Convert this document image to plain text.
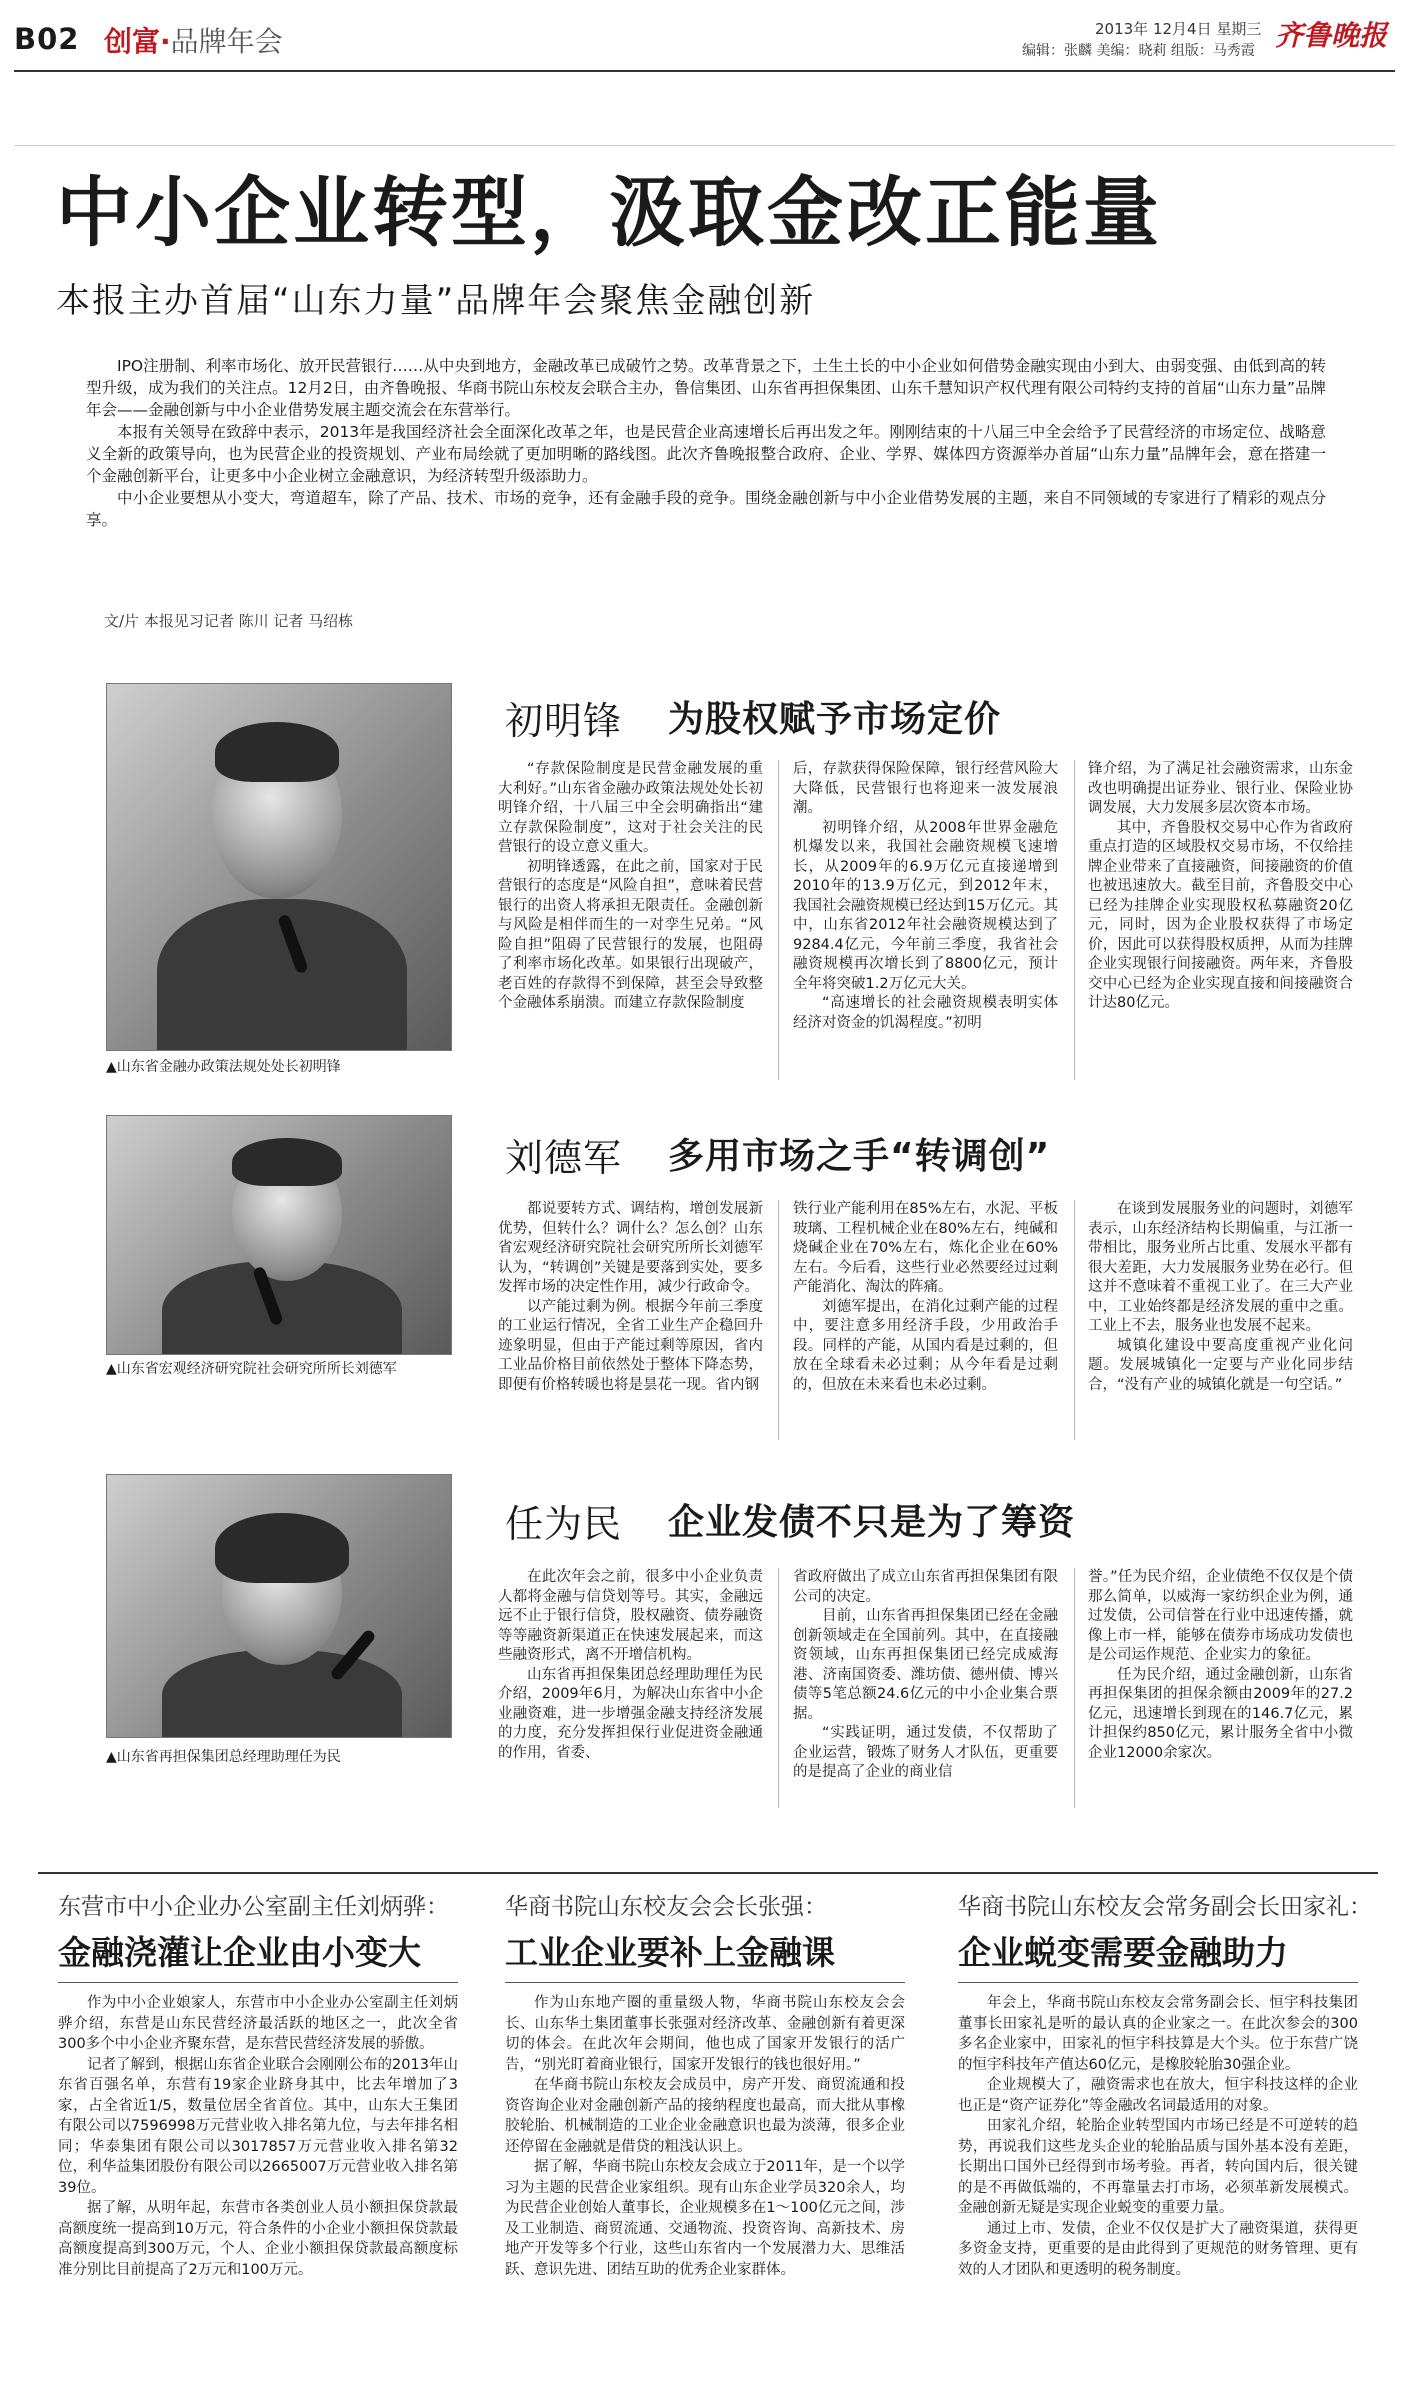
B02 创富·品牌年会	2013年 12月4日 星期三
编辑：张麟 美编：晓莉 组版：马秀霞 齐鲁晚报
中小企业转型，汲取金改正能量
本报主办首届“山东力量”品牌年会聚焦金融创新

IPO注册制、利率市场化、放开民营银行……从中央到地方，金融改革已成破竹之势。改革背景之下，土生土长的中小企业如何借势金融实现由小到大、由弱变强、由低到高的转型升级，成为我们的关注点。12月2日，由齐鲁晚报、华商书院山东校友会联合主办，鲁信集团、山东省再担保集团、山东千慧知识产权代理有限公司特约支持的首届“山东力量”品牌年会——金融创新与中小企业借势发展主题交流会在东营举行。

本报有关领导在致辞中表示，2013年是我国经济社会全面深化改革之年，也是民营企业高速增长后再出发之年。刚刚结束的十八届三中全会给予了民营经济的市场定位、战略意义全新的政策导向，也为民营企业的投资规划、产业布局绘就了更加明晰的路线图。此次齐鲁晚报整合政府、企业、学界、媒体四方资源举办首届“山东力量”品牌年会，意在搭建一个金融创新平台，让更多中小企业树立金融意识，为经济转型升级添助力。

中小企业要想从小变大，弯道超车，除了产品、技术、市场的竞争，还有金融手段的竞争。围绕金融创新与中小企业借势发展的主题，来自不同领域的专家进行了精彩的观点分享。

文/片 本报见习记者 陈川 记者 马绍栋
▲山东省金融办政策法规处处长初明锋
初明锋 为股权赋予市场定价

“存款保险制度是民营金融发展的重大利好。”山东省金融办政策法规处处长初明锋介绍，十八届三中全会明确指出“建立存款保险制度”，这对于社会关注的民营银行的设立意义重大。

初明锋透露，在此之前，国家对于民营银行的态度是“风险自担”，意味着民营银行的出资人将承担无限责任。金融创新与风险是相伴而生的一对孪生兄弟。“风险自担”阻碍了民营银行的发展，也阻碍了利率市场化改革。如果银行出现破产，老百姓的存款得不到保障，甚至会导致整个金融体系崩溃。而建立存款保险制度

后，存款获得保险保障，银行经营风险大大降低，民营银行也将迎来一波发展浪潮。

初明锋介绍，从2008年世界金融危机爆发以来，我国社会融资规模飞速增长，从2009年的6.9万亿元直接递增到2010年的13.9万亿元，到2012年末，我国社会融资规模已经达到15万亿元。其中，山东省2012年社会融资规模达到了9284.4亿元，今年前三季度，我省社会融资规模再次增长到了8800亿元，预计全年将突破1.2万亿元大关。

“高速增长的社会融资规模表明实体经济对资金的饥渴程度。”初明

锋介绍，为了满足社会融资需求，山东金改也明确提出证券业、银行业、保险业协调发展，大力发展多层次资本市场。

其中，齐鲁股权交易中心作为省政府重点打造的区域股权交易市场，不仅给挂牌企业带来了直接融资，间接融资的价值也被迅速放大。截至目前，齐鲁股交中心已经为挂牌企业实现股权私募融资20亿元，同时，因为企业股权获得了市场定价，因此可以获得股权质押，从而为挂牌企业实现银行间接融资。两年来，齐鲁股交中心已经为企业实现直接和间接融资合计达80亿元。

▲山东省宏观经济研究院社会研究所所长刘德军
刘德军 多用市场之手“转调创”

都说要转方式、调结构，增创发展新优势，但转什么？调什么？怎么创？山东省宏观经济研究院社会研究所所长刘德军认为，“转调创”关键是要落到实处，要多发挥市场的决定性作用，减少行政命令。

以产能过剩为例。根据今年前三季度的工业运行情况，全省工业生产企稳回升迹象明显，但由于产能过剩等原因，省内工业品价格目前依然处于整体下降态势，即便有价格转暖也将是昙花一现。省内钢

铁行业产能利用在85%左右，水泥、平板玻璃、工程机械企业在80%左右，纯碱和烧碱企业在70%左右，炼化企业在60%左右。今后看，这些行业必然要经过过剩产能消化、淘汰的阵痛。

刘德军提出，在消化过剩产能的过程中，要注意多用经济手段，少用政治手段。同样的产能，从国内看是过剩的，但放在全球看未必过剩；从今年看是过剩的，但放在未来看也未必过剩。

在谈到发展服务业的问题时，刘德军表示，山东经济结构长期偏重，与江浙一带相比，服务业所占比重、发展水平都有很大差距，大力发展服务业势在必行。但这并不意味着不重视工业了。在三大产业中，工业始终都是经济发展的重中之重。工业上不去，服务业也发展不起来。

城镇化建设中要高度重视产业化问题。发展城镇化一定要与产业化同步结合，“没有产业的城镇化就是一句空话。”

▲山东省再担保集团总经理助理任为民
任为民 企业发债不只是为了筹资

在此次年会之前，很多中小企业负责人都将金融与信贷划等号。其实，金融远远不止于银行信贷，股权融资、债券融资等等融资新渠道正在快速发展起来，而这些融资形式，离不开增信机构。

山东省再担保集团总经理助理任为民介绍，2009年6月，为解决山东省中小企业融资难，进一步增强金融支持经济发展的力度，充分发挥担保行业促进资金融通的作用，省委、

省政府做出了成立山东省再担保集团有限公司的决定。

目前，山东省再担保集团已经在金融创新领域走在全国前列。其中，在直接融资领域，山东再担保集团已经完成威海港、济南国资委、潍坊债、德州债、博兴债等5笔总额24.6亿元的中小企业集合票据。

“实践证明，通过发债，不仅帮助了企业运营，锻炼了财务人才队伍，更重要的是提高了企业的商业信

誉。”任为民介绍，企业债绝不仅仅是个债那么简单，以威海一家纺织企业为例，通过发债，公司信誉在行业中迅速传播，就像上市一样，能够在债券市场成功发债也是公司运作规范、企业实力的象征。

任为民介绍，通过金融创新，山东省再担保集团的担保余额由2009年的27.2亿元，迅速增长到现在的146.7亿元，累计担保约850亿元，累计服务全省中小微企业12000余家次。

东营市中小企业办公室副主任刘炳骅：
金融浇灌让企业由小变大

作为中小企业娘家人，东营市中小企业办公室副主任刘炳骅介绍，东营是山东民营经济最活跃的地区之一，此次全省300多个中小企业齐聚东营，是东营民营经济发展的骄傲。

记者了解到，根据山东省企业联合会刚刚公布的2013年山东省百强名单，东营有19家企业跻身其中，比去年增加了3家，占全省近1/5，数量位居全省首位。其中，山东大王集团有限公司以7596998万元营业收入排名第九位，与去年排名相同；华泰集团有限公司以3017857万元营业收入排名第32位，利华益集团股份有限公司以2665007万元营业收入排名第39位。

据了解，从明年起，东营市各类创业人员小额担保贷款最高额度统一提高到10万元，符合条件的小企业小额担保贷款最高额度提高到300万元，个人、企业小额担保贷款最高额度标准分别比目前提高了2万元和100万元。

华商书院山东校友会会长张强：
工业企业要补上金融课

作为山东地产圈的重量级人物，华商书院山东校友会会长、山东华土集团董事长张强对经济改革、金融创新有着更深切的体会。在此次年会期间，他也成了国家开发银行的活广告，“别光盯着商业银行，国家开发银行的钱也很好用。”

在华商书院山东校友会成员中，房产开发、商贸流通和投资咨询企业对金融创新产品的接纳程度也最高，而大批从事橡胶轮胎、机械制造的工业企业金融意识也最为淡薄，很多企业还停留在金融就是借贷的粗浅认识上。

据了解，华商书院山东校友会成立于2011年，是一个以学习为主题的民营企业家组织。现有山东企业学员320余人，均为民营企业创始人董事长，企业规模多在1～100亿元之间，涉及工业制造、商贸流通、交通物流、投资咨询、高新技术、房地产开发等多个行业，这些山东省内一个发展潜力大、思维活跃、意识先进、团结互助的优秀企业家群体。

华商书院山东校友会常务副会长田家礼：
企业蜕变需要金融助力

年会上，华商书院山东校友会常务副会长、恒宇科技集团董事长田家礼是听的最认真的企业家之一。在此次参会的300多名企业家中，田家礼的恒宇科技算是大个头。位于东营广饶的恒宇科技年产值达60亿元，是橡胶轮胎30强企业。

企业规模大了，融资需求也在放大，恒宇科技这样的企业也正是“资产证券化”等金融改名词最适用的对象。

田家礼介绍，轮胎企业转型国内市场已经是不可逆转的趋势，再说我们这些龙头企业的轮胎品质与国外基本没有差距，长期出口国外已经得到市场考验。再者，转向国内后，很关键的是不再做低端的，不再靠量去打市场，必须革新发展模式。金融创新无疑是实现企业蜕变的重要力量。

通过上市、发债，企业不仅仅是扩大了融资渠道，获得更多资金支持，更重要的是由此得到了更规范的财务管理、更有效的人才团队和更透明的税务制度。
